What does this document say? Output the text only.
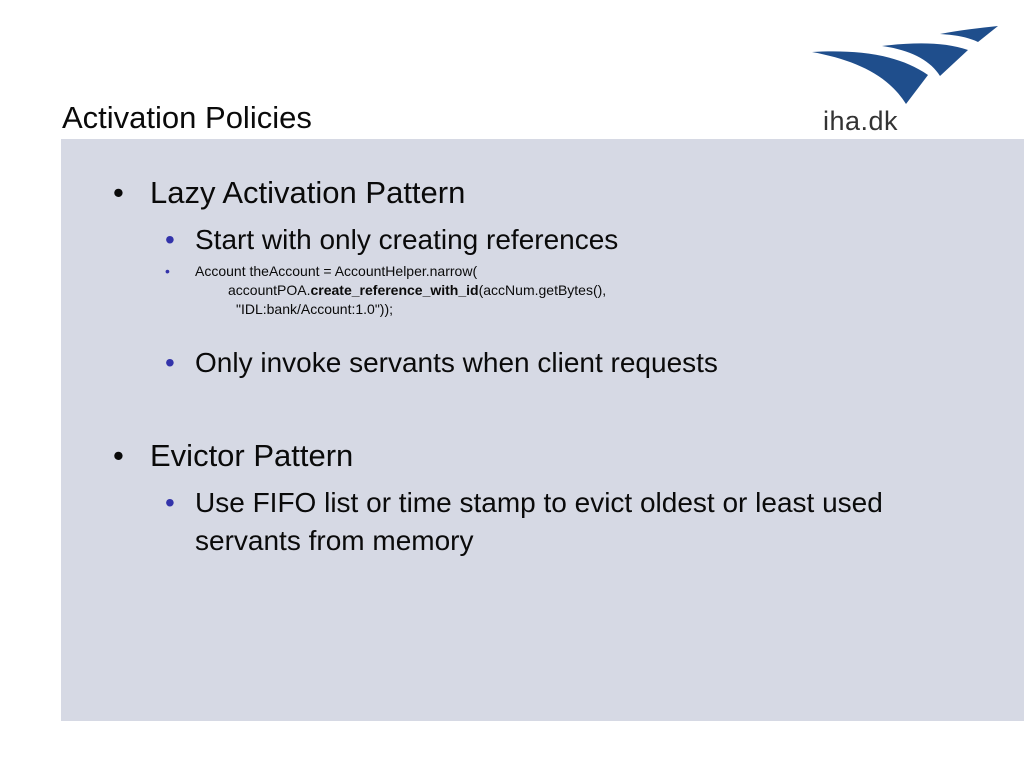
Activation Policies	iha.dk
• Lazy Activation Pattern
• Start with only creating references
• Account theAccount = AccountHelper.narrow(
accountPOA.create_reference_with_id(accNum.getBytes(),
"IDL:bank/Account:1.0"));
• Only invoke servants when client requests
• Evictor Pattern
• Use FIFO list or time stamp to evict oldest or least used
servants from memory
